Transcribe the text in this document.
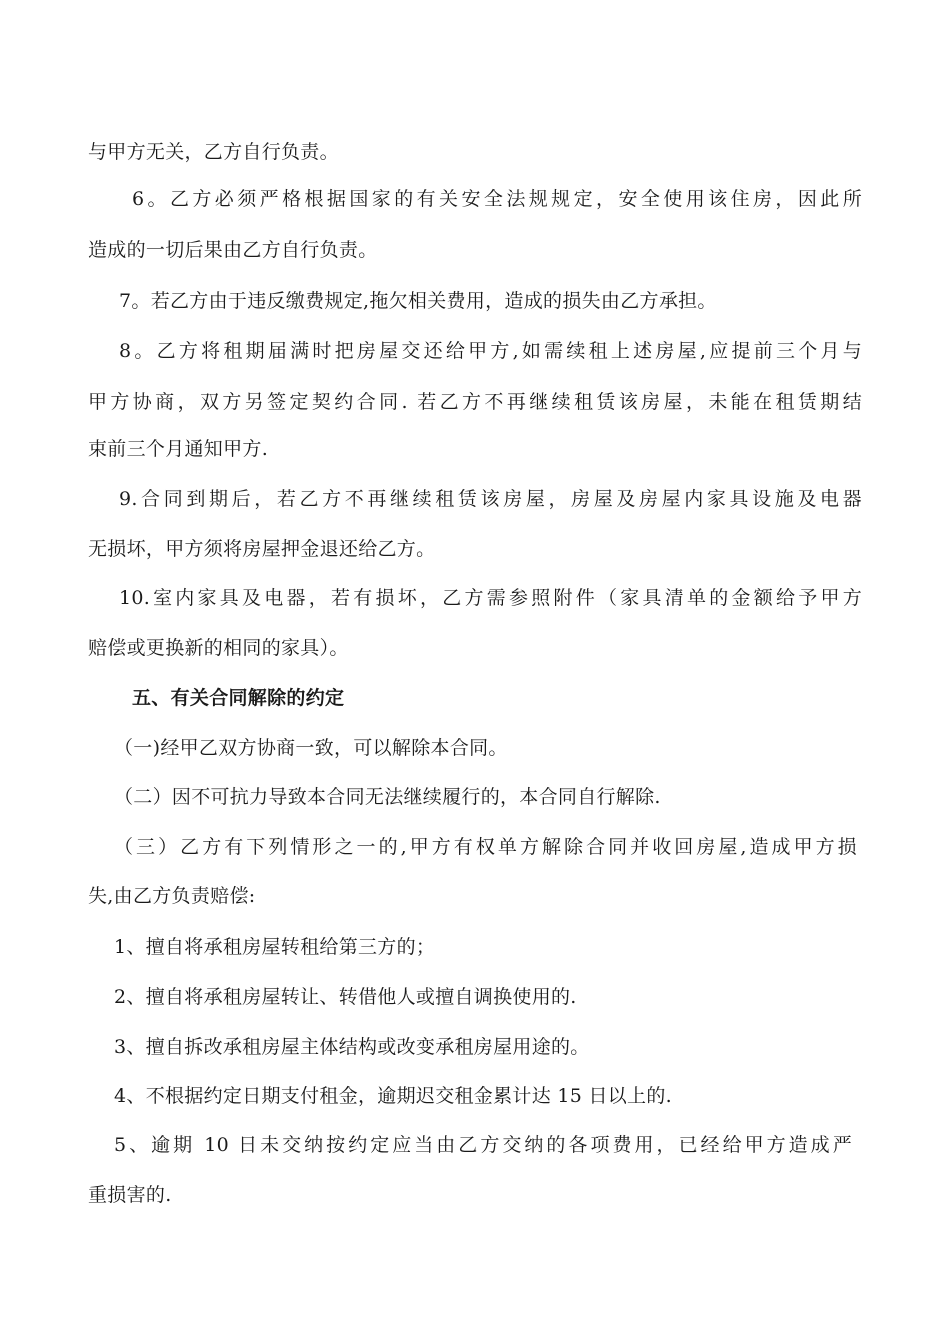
与甲方无关，乙方自行负责。
6。乙方必须严格根据国家的有关安全法规规定，安全使用该住房，因此所
造成的一切后果由乙方自行负责。
7。若乙方由于违反缴费规定,拖欠相关费用，造成的损失由乙方承担。
8。乙方将租期届满时把房屋交还给甲方,如需续租上述房屋,应提前三个月与
甲方协商，双方另签定契约合同. 若乙方不再继续租赁该房屋，未能在租赁期结
束前三个月通知甲方.
9.合同到期后，若乙方不再继续租赁该房屋，房屋及房屋内家具设施及电器
无损坏，甲方须将房屋押金退还给乙方。
10.室内家具及电器，若有损坏，乙方需参照附件（家具清单的金额给予甲方
赔偿或更换新的相同的家具）。
五、有关合同解除的约定
（一)经甲乙双方协商一致，可以解除本合同。
（二）因不可抗力导致本合同无法继续履行的，本合同自行解除.
（三）乙方有下列情形之一的,甲方有权单方解除合同并收回房屋,造成甲方损
失,由乙方负责赔偿:
1、擅自将承租房屋转租给第三方的；
2、擅自将承租房屋转让、转借他人或擅自调换使用的.
3、擅自拆改承租房屋主体结构或改变承租房屋用途的。
4、不根据约定日期支付租金，逾期迟交租金累计达 15 日以上的.
5、逾期 10 日未交纳按约定应当由乙方交纳的各项费用，已经给甲方造成严
重损害的.
